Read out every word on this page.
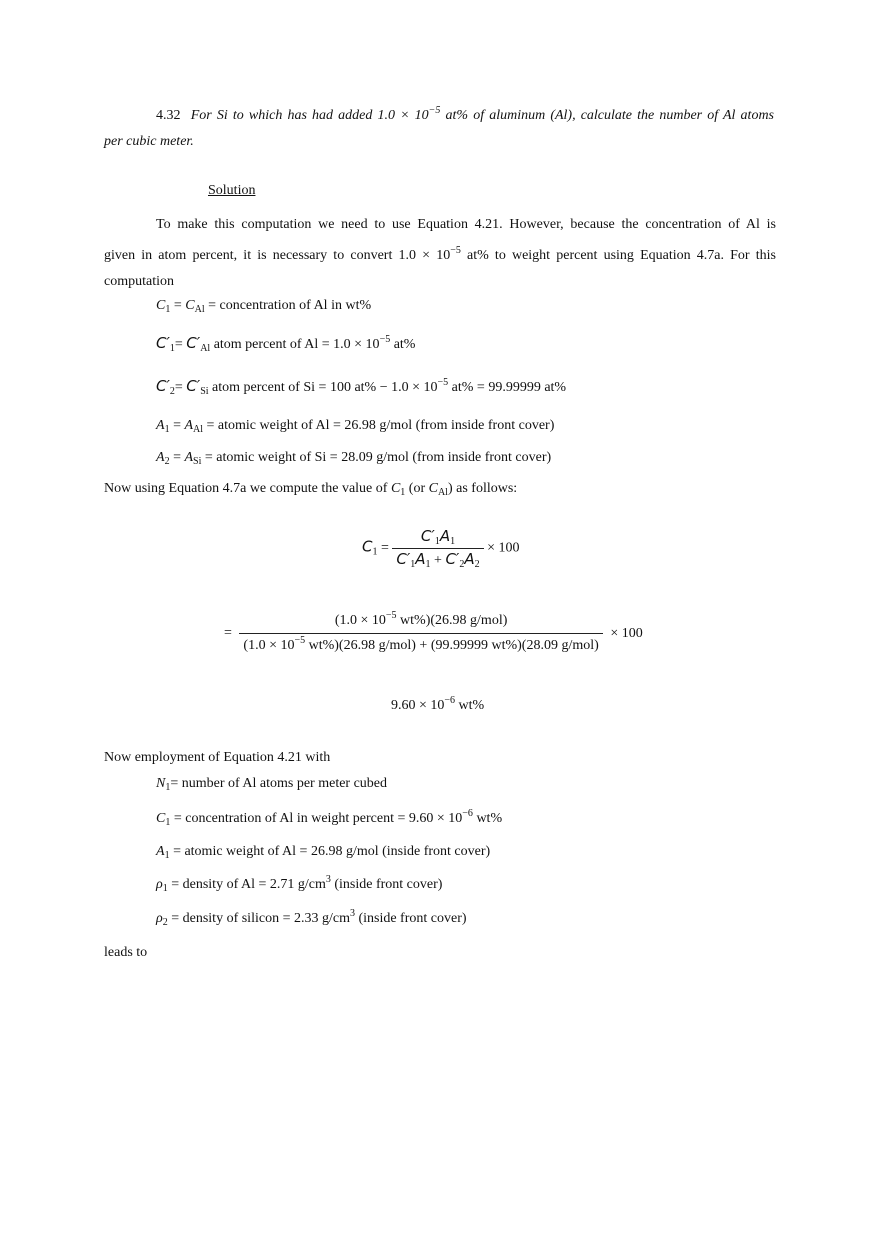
4.32 For Si to which has had added $1.0 \times 10^{-5}$ at% of aluminum (Al), calculate the number of Al atoms
per cubic meter.
Solution
To make this computation we need to use Equation 4.21. However, because the concentration of Al is
given in atom percent, it is necessary to convert $1.0 \times 10^{-5}$ at% to weight percent using Equation 4.7a. For this
computation
$C_1 = C_{Al}$ = concentration of Al in wt%
$C'_1= C'_{Al}$ atom percent of $Al = 1.0 \times 10^{-5}$ at%
$C'_2= C'_{Si}$ atom percent of Si = 100 $at\% - 1.0 \times 10^{-5}$ at% = 99.99999 at%
$A_1 = A_{Al}$ = atomic weight of Al = 26.98 g/mol (from inside front cover)
$A_2 = A_{Si}$ = atomic weight of Si = 28.09 g/mol (from inside front cover)
Now using Equation 4.7a we compute the value of $C_1$ (or $C_{Al}$) as follows:
$C_1 = \frac{C'_1A_1}{C'_1A_1 + C'_2A_2} \times 100$
=
($1.0 \times 10^{-5}$ wt%)(26.98 g/mol)
($1.0 \times 10^{-5}$ wt%)(26.98 g/mol) + (99.99999 wt%)(28.09 g/mol)
× 100
$9.60 \times 10^{-6}$ wt%
Now employment of Equation 4.21 with
$N_1=$ number of Al atoms per meter cubed
$C_1$ = concentration of Al in weight percent = $9.60 \times 10^{-6}$ wt%
$A_1$ = atomic weight of Al = 26.98 g/mol (inside front cover)
$\rho_1$ = density of Al = 2.71 $g/cm^3$ (inside front cover)
$\rho_2$ = density of silicon = 2.33 $g/cm^3$ (inside front cover)
leads to
